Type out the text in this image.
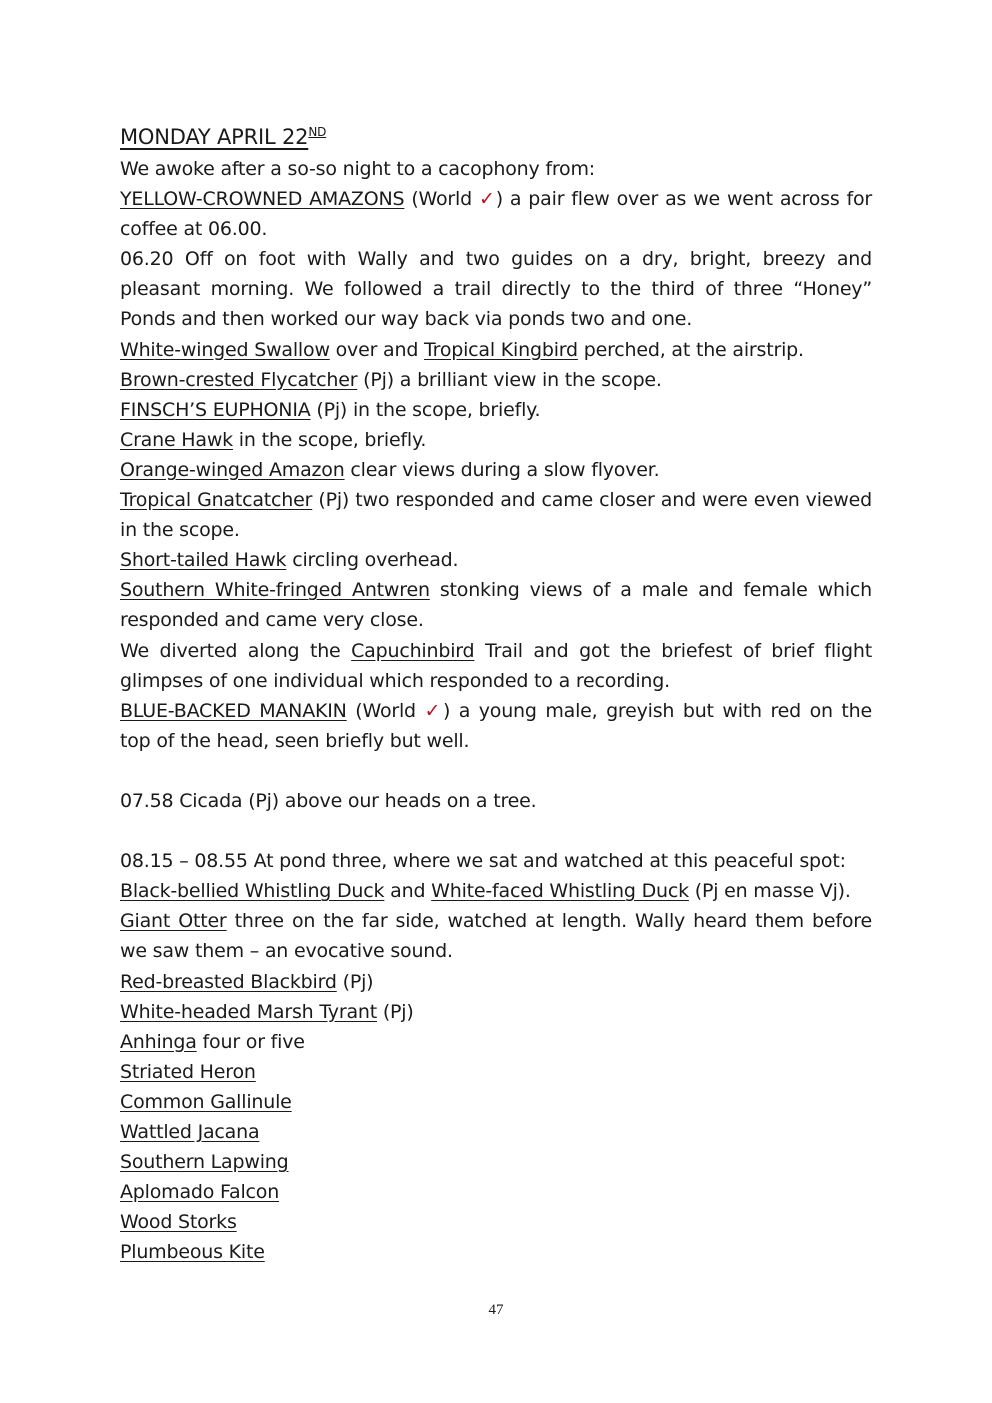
MONDAY APRIL 22ND

We awoke after a so-so night to a cacophony from:

YELLOW-CROWNED AMAZONS (World ✓) a pair flew over as we went across for coffee at 06.00.

06.20 Off on foot with Wally and two guides on a dry, bright, breezy and pleasant morning. We followed a trail directly to the third of three “Honey” Ponds and then worked our way back via ponds two and one.

White-winged Swallow over and Tropical Kingbird perched, at the airstrip.

Brown-crested Flycatcher (Pj) a brilliant view in the scope.

FINSCH’S EUPHONIA (Pj) in the scope, briefly.

Crane Hawk in the scope, briefly.

Orange-winged Amazon clear views during a slow flyover.

Tropical Gnatcatcher (Pj) two responded and came closer and were even viewed in the scope.

Short-tailed Hawk circling overhead.

Southern White-fringed Antwren stonking views of a male and female which responded and came very close.

We diverted along the Capuchinbird Trail and got the briefest of brief flight glimpses of one individual which responded to a recording.

BLUE-BACKED MANAKIN (World ✓) a young male, greyish but with red on the top of the head, seen briefly but well.

07.58 Cicada (Pj) above our heads on a tree.

08.15 – 08.55 At pond three, where we sat and watched at this peaceful spot:

Black-bellied Whistling Duck and White-faced Whistling Duck (Pj en masse Vj).

Giant Otter three on the far side, watched at length. Wally heard them before we saw them – an evocative sound.

Red-breasted Blackbird (Pj)

White-headed Marsh Tyrant (Pj)

Anhinga four or five

Striated Heron

Common Gallinule

Wattled Jacana

Southern Lapwing

Aplomado Falcon

Wood Storks

Plumbeous Kite

47
